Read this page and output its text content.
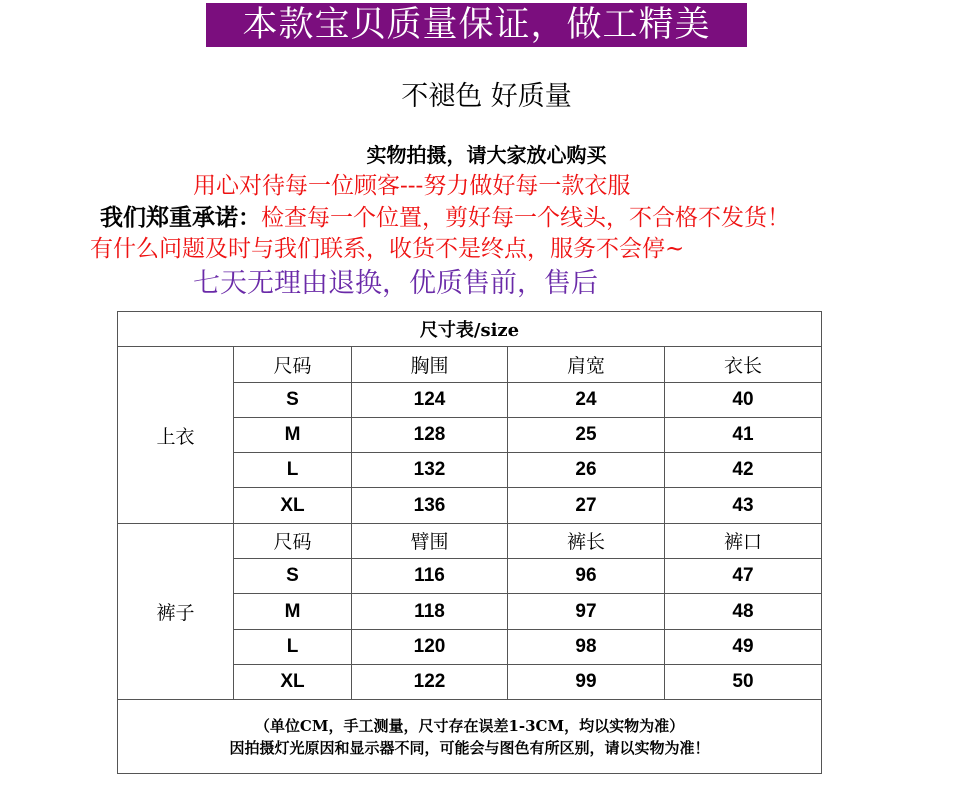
本款宝贝质量保证，做工精美
不褪色 好质量
实物拍摄，请大家放心购买
用心对待每一位顾客---努力做好每一款衣服
我们郑重承诺：检查每一个位置，剪好每一个线头，不合格不发货！
有什么问题及时与我们联系，收货不是终点，服务不会停~
七天无理由退换，优质售前，售后
尺寸表/size				
上衣	尺码	胸围	肩宽	衣长
	S	124	24	40
	M	128	25	41
	L	132	26	42
	XL	136	27	43
裤子	尺码	臂围	裤长	裤口
	S	116	96	47
	M	118	97	48
	L	120	98	49
	XL	122	99	50

（单位CM，手工测量，尺寸存在误差1-3CM，均以实物为准）
因拍摄灯光原因和显示器不同，可能会与图色有所区别，请以实物为准！				
